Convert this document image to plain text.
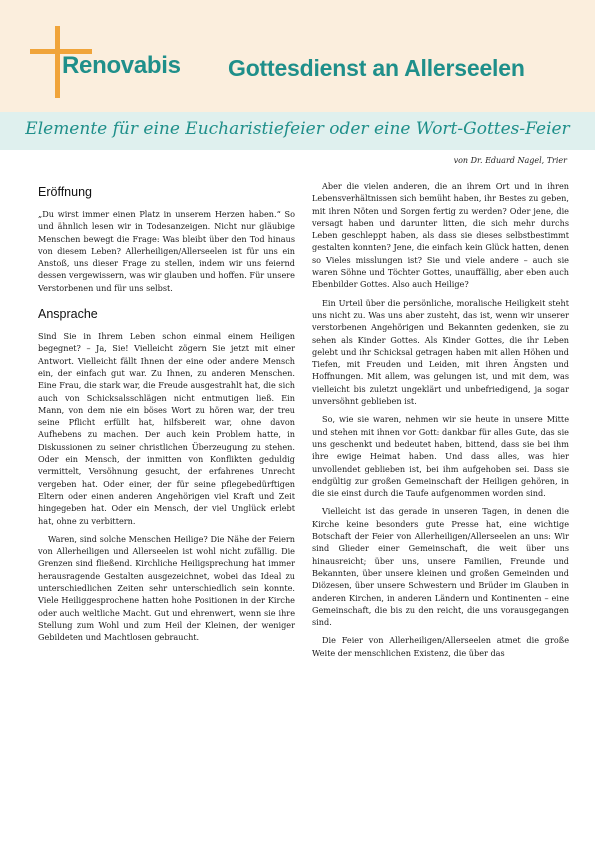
Renovabis Gottesdienst an Allerseelen
Elemente für eine Eucharistiefeier oder eine Wort-Gottes-Feier
von Dr. Eduard Nagel, Trier
Eröffnung

„Du wirst immer einen Platz in unserem Herzen haben.“ So und ähnlich lesen wir in Todesanzeigen. Nicht nur gläubige Menschen bewegt die Frage: Was bleibt über den Tod hinaus von diesem Leben? Allerheiligen/Allerseelen ist für uns ein Anstoß, uns dieser Frage zu stellen, indem wir uns feiernd dessen vergewissern, was wir glauben und hoffen. Für unsere Verstorbenen und für uns selbst.

Ansprache

Sind Sie in Ihrem Leben schon einmal einem Heiligen begegnet? – Ja, Sie! Vielleicht zögern Sie jetzt mit einer Antwort. Vielleicht fällt Ihnen der eine oder andere Mensch ein, der einfach gut war. Zu Ihnen, zu anderen Menschen. Eine Frau, die stark war, die Freude ausgestrahlt hat, die sich auch von Schicksalsschlägen nicht entmutigen ließ. Ein Mann, von dem nie ein böses Wort zu hören war, der treu seine Pflicht erfüllt hat, hilfsbereit war, ohne davon Aufhebens zu machen. Der auch kein Problem hatte, in Diskussionen zu seiner christlichen Überzeugung zu stehen. Oder ein Mensch, der inmitten von Konflikten geduldig vermittelt, Versöhnung gesucht, der erfahrenes Unrecht vergeben hat. Oder einer, der für seine pflegebedürftigen Eltern oder einen anderen Angehörigen viel Kraft und Zeit hingegeben hat. Oder ein Mensch, der viel Unglück erlebt hat, ohne zu verbittern.

Waren, sind solche Menschen Heilige? Die Nähe der Feiern von Allerheiligen und Allerseelen ist wohl nicht zufällig. Die Grenzen sind fließend. Kirchliche Heiligsprechung hat immer herausragende Gestalten ausgezeichnet, wobei das Ideal zu unterschiedlichen Zeiten sehr unterschiedlich sein konnte. Viele Heiliggesprochene hatten hohe Positionen in der Kirche oder auch weltliche Macht. Gut und ehrenwert, wenn sie ihre Stellung zum Wohl und zum Heil der Kleinen, der weniger Gebildeten und Machtlosen gebraucht.

Aber die vielen anderen, die an ihrem Ort und in ihren Lebensverhältnissen sich bemüht haben, ihr Bestes zu geben, mit ihren Nöten und Sorgen fertig zu werden? Oder jene, die versagt haben und darunter litten, die sich mehr durchs Leben geschleppt haben, als dass sie dieses selbstbestimmt gestalten konnten? Jene, die einfach kein Glück hatten, denen so Vieles misslungen ist? Sie und viele andere – auch sie waren Söhne und Töchter Gottes, unauffällig, aber eben auch Ebenbilder Gottes. Also auch Heilige?

Ein Urteil über die persönliche, moralische Heiligkeit steht uns nicht zu. Was uns aber zusteht, das ist, wenn wir unserer verstorbenen Angehörigen und Bekannten gedenken, sie zu sehen als Kinder Gottes. Als Kinder Gottes, die ihr Leben gelebt und ihr Schicksal getragen haben mit allen Höhen und Tiefen, mit Freuden und Leiden, mit ihren Ängsten und Hoffnungen. Mit allem, was gelungen ist, und mit dem, was vielleicht bis zuletzt ungeklärt und unbefriedigend, ja sogar unversöhnt geblieben ist.

So, wie sie waren, nehmen wir sie heute in unsere Mitte und stehen mit ihnen vor Gott: dankbar für alles Gute, das sie uns geschenkt und bedeutet haben, bittend, dass sie bei ihm ihre ewige Heimat haben. Und dass alles, was hier unvollendet geblieben ist, bei ihm aufgehoben sei. Dass sie endgültig zur großen Gemeinschaft der Heiligen gehören, in die sie einst durch die Taufe aufgenommen worden sind.

Vielleicht ist das gerade in unseren Tagen, in denen die Kirche keine besonders gute Presse hat, eine wichtige Botschaft der Feier von Allerheiligen/Allerseelen an uns: Wir sind Glieder einer Gemeinschaft, die weit über uns hinausreicht; über uns, unsere Familien, Freunde und Bekannten, über unsere kleinen und großen Gemeinden und Diözesen, über unsere Schwestern und Brüder im Glauben in anderen Kirchen, in anderen Ländern und Kontinenten – eine Gemeinschaft, die bis zu den reicht, die uns vorausgegangen sind.

Die Feier von Allerheiligen/Allerseelen atmet die große Weite der menschlichen Existenz, die über das
